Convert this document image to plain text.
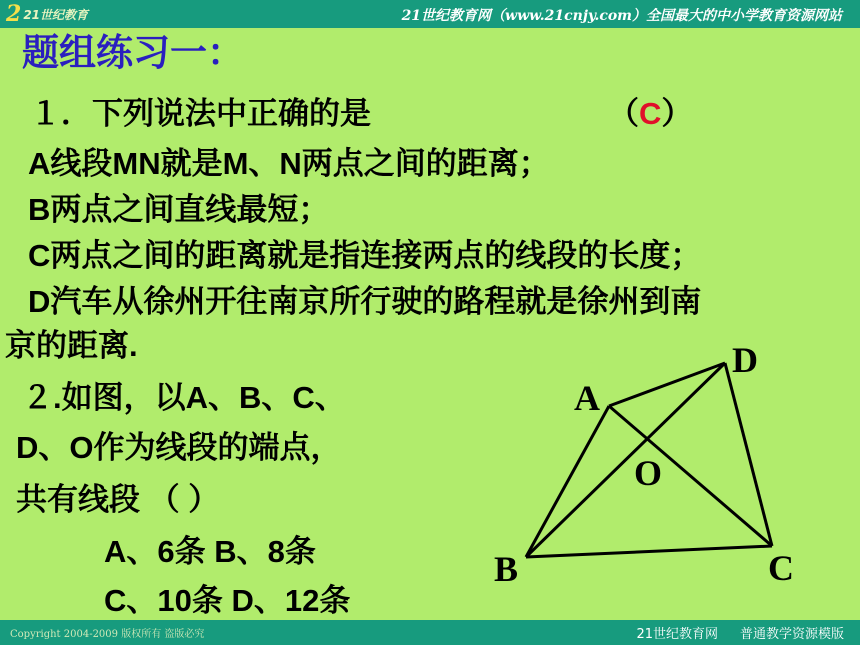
2 21世纪教育	21世纪教育网（www.21cnjy.com）全国最大的中小学教育资源网站
题组练习一：
１．下列说法中正确的是	（C）
A线段MN就是M、N两点之间的距离；
B两点之间直线最短；
C两点之间的距离就是指连接两点的线段的长度；
D汽车从徐州开往南京所行驶的路程就是徐州到南
京的距离.
２.如图，以A、B、C、
D、O作为线段的端点，
共有线段 （ ）
A、6条 B、8条
C、10条 D、12条
A
D
O
B	C
Copyright 2004-2009 版权所有 盗版必究	21世纪教育网 普通教学资源模版
